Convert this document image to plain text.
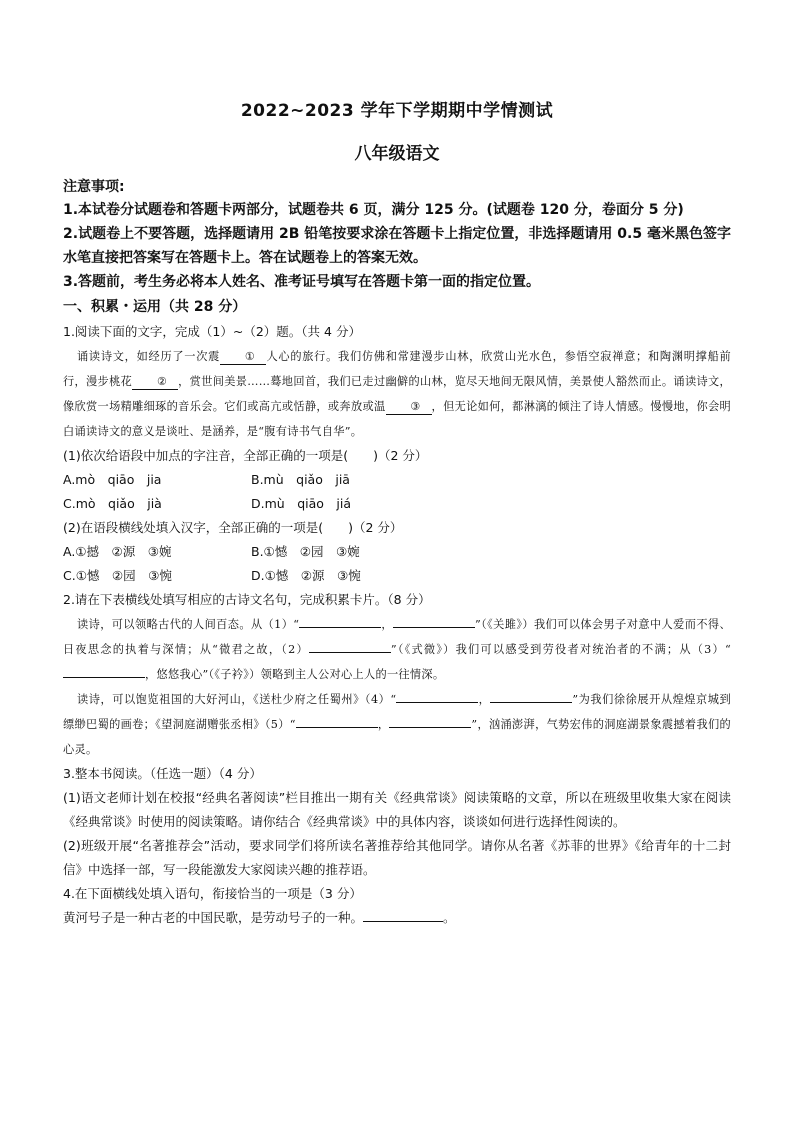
2022~2023 学年下学期期中学情测试
八年级语文
注意事项:

1.本试卷分试题卷和答题卡两部分，试题卷共 6 页，满分 125 分。(试题卷 120 分，卷面分 5 分)

2.试题卷上不要答题，选择题请用 2B 铅笔按要求涂在答题卡上指定位置，非选择题请用 0.5 毫米黑色签字水笔直接把答案写在答题卡上。答在试题卷上的答案无效。

3.答题前，考生务必将本人姓名、准考证号填写在答题卡第一面的指定位置。

一、积累・运用（共 28 分）

1.阅读下面的文字，完成（1）~（2）题。（共 4 分）

诵读诗文，如经历了一次震 ① 人心的旅行。我们仿佛和常建漫步山林，欣赏山光水色，参悟空寂禅意；和陶渊明撑船前行，漫步桃花 ② ，赏世间美景……蓦地回首，我们已走过幽僻的山林，览尽天地间无限风情，美景使人豁然而止。诵读诗文，像欣赏一场精雕细琢的音乐会。它们或高亢或恬静，或奔放或温 ③ ，但无论如何，都淋漓的倾注了诗人情感。慢慢地，你会明白诵读诗文的意义是谈吐、是涵养，是“腹有诗书气自华”。

(1)依次给语段中加点的字注音，全部正确的一项是(　　)（2 分）

A.mò　qiāo　jia	B.mù　qiǎo　jiā
C.mò　qiǎo　jià	D.mù　qiāo　jiá

(2)在语段横线处填入汉字，全部正确的一项是(　　)（2 分）

A.①撼　②源　③婉	B.①憾　②园　③婉
C.①憾　②园　③惋	D.①憾　②源　③惋

2.请在下表横线处填写相应的古诗文名句，完成积累卡片。（8 分）

读诗，可以领略古代的人间百态。从（1）“	，	”（《关雎》）我们可以体会男子对意中人爱而不得、日夜思念的执着与深情；从“微君之故，（2）	”（《式微》）我们可以感受到劳役者对统治者的不满；从（3）“，悠悠我心”（《子衿》）领略到主人公对心上人的一往情深。

读诗，可以饱览祖国的大好河山，《送杜少府之任蜀州》（4）“	，	”为我们徐徐展开从煌煌京城到缥缈巴蜀的画卷；《望洞庭湖赠张丞相》（5）“	，	”，汹涌澎湃，气势宏伟的洞庭湖景象震撼着我们的心灵。

3.整本书阅读。（任选一题）（4 分）

(1)语文老师计划在校报“经典名著阅读”栏目推出一期有关《经典常谈》阅读策略的文章，所以在班级里收集大家在阅读《经典常谈》时使用的阅读策略。请你结合《经典常谈》中的具体内容，谈谈如何进行选择性阅读的。

(2)班级开展“名著推荐会”活动，要求同学们将所读名著推荐给其他同学。请你从名著《苏菲的世界》《给青年的十二封信》中选择一部，写一段能激发大家阅读兴趣的推荐语。

4.在下面横线处填入语句，衔接恰当的一项是（3 分）

黄河号子是一种古老的中国民歌，是劳动号子的一种。	。
